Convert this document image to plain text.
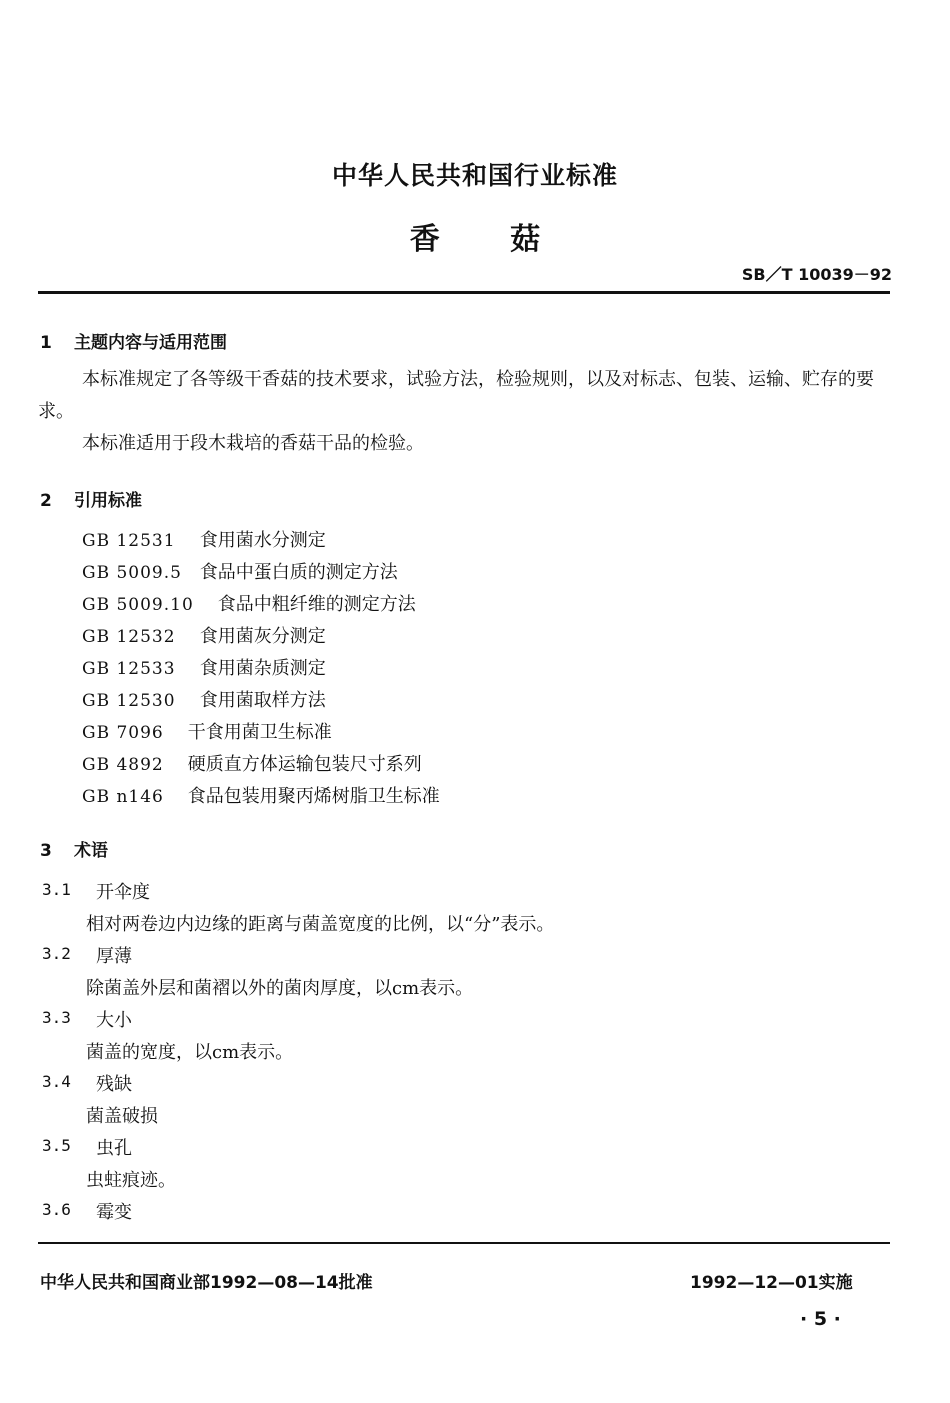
中华人民共和国行业标准
香 菇
SB／T 10039－92
1 主题内容与适用范围
本标准规定了各等级干香菇的技术要求，试验方法，检验规则，以及对标志、包装、运输、贮存的要求。
本标准适用于段木栽培的香菇干品的检验。
2 引用标准
GB 12531 食用菌水分测定
GB 5009.5 食品中蛋白质的测定方法
GB 5009.10 食品中粗纤维的测定方法
GB 12532 食用菌灰分测定
GB 12533 食用菌杂质测定
GB 12530 食用菌取样方法
GB 7096 干食用菌卫生标准
GB 4892 硬质直方体运输包装尺寸系列
GB n146 食品包装用聚丙烯树脂卫生标准
3 术语
3.1 开伞度
相对两卷边内边缘的距离与菌盖宽度的比例，以“分”表示。
3.2 厚薄
除菌盖外层和菌褶以外的菌肉厚度，以cm表示。
3.3 大小
菌盖的宽度，以cm表示。
3.4 残缺
菌盖破损
3.5 虫孔
虫蛀痕迹。
3.6 霉变
中华人民共和国商业部1992—08—14批准	1992—12—01实施
· 5 ·
